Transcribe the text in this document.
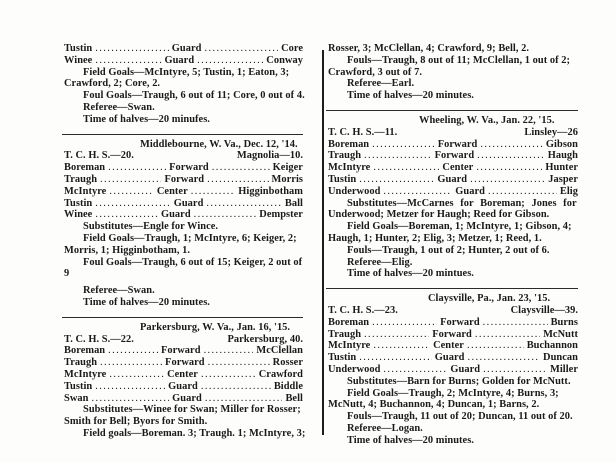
Tustin . . .	Guard . . .	Core
Winee . . .	Guard . . .	Conway
Field Goals—McIntyre, 5; Tustin, 1; Eaton, 3;
Crawford, 2; Core, 2.
Foul Goals—Traugh, 6 out of 11; Core, 0 out of 4.
Referee—Swan.
Time of halves—20 minufes.
Middlebourne, W. Va., Dec. 12, '14.
T. C. H. S.—20.	Magnolia—10.
Boreman . . .	Forward . . .	Keiger
Traugh . . .	Forward . . .	Morris
McIntyre . . .	Center . . .	Higginbotham
Tustin . . .	Guard . . .	Ball
Winee . . .	Guard . . .	Dempster
Substitutes—Engle for Wince.
Field Goals—Traugh, 1; McIntyre, 6; Keiger, 2;
Morris, 1; Higginbotham, 1.
Foul Goals—Traugh, 6 out of 15; Keiger, 2 out of
9
Referee—Swan.
Time of halves—20 minutes.
Parkersburg, W. Va., Jan. 16, '15.
T. C. H. S.—22.	Parkersburg, 40.
Boreman . . .	Forward . . .	McClellan
Traugh . . .	Forward . . .	Rosser
McIntyre . . .	Center . . .	Crawford
Tustin . . .	Guard . . .	Biddle
Swan . . .	Guard . . .	Bell
Substitutes—Winee for Swan; Miller for Rosser;
Smith for Bell; Byors for Smith.
Field goals—Boreman. 3; Traugh. 1; McIntyre, 3;
Rosser, 3; McClellan, 4; Crawford, 9; Bell, 2.
Fouls—Traugh, 8 out of 11; McClellan, 1 out of 2;
Crawford, 3 out of 7.
Referee—Earl.
Time of halves—20 minutes.
Wheeling, W. Va., Jan. 22, '15.
T. C. H. S.—11.	Linsley—26
Boreman . . .	Forward . . .	Gibson
Traugh . . .	Forward . . .	Haugh
McIntyre . . .	Center . . .	Hunter
Tustin . . .	Guard . . .	Jasper
Underwood . . .	Guard . . .	Elig
Substitutes—McCarnes for Boreman; Jones for
Underwood; Metzer for Haugh; Reed for Gibson.
Field Goals—Boreman, 1; McIntyre, 1; Gibson, 4;
Haugh, 1; Hunter, 2; Elig, 3; Metzer, 1; Reed, 1.
Fouls—Traugh, 1 out of 2; Hunter, 2 out of 6.
Referee—Elig.
Time of halves—20 mintues.
Claysville, Pa., Jan. 23, '15.
T. C. H. S.—23.	Claysville—39.
Boreman . . .	Forward . . .	Burns
Traugh . . .	Forward . . .	McNutt
McIntyre . . .	Center . . .	Buchannon
Tustin . . .	Guard . . .	Duncan
Underwood . . .	Guard . . .	Miller
Substitutes—Barn for Burns; Golden for McNutt.
Field Goals—Traugh, 2; McIntyre, 4; Burns, 3;
McNutt, 4; Buchannon, 4; Duncan, 1; Barns, 2.
Fouls—Traugh, 11 out of 20; Duncan, 11 out of 20.
Referee—Logan.
Time of halves—20 minutes.
